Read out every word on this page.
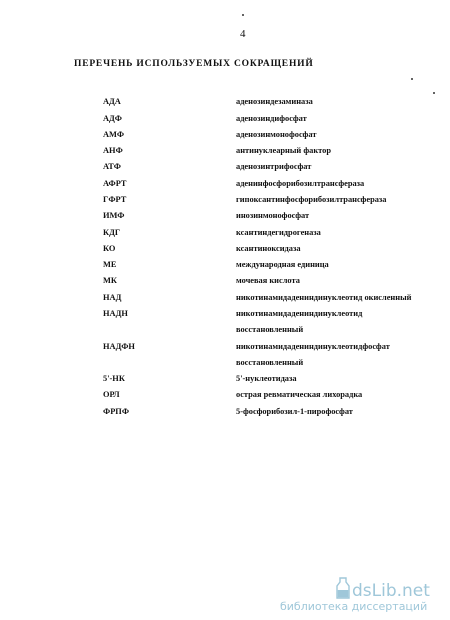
4
ПЕРЕЧЕНЬ ИСПОЛЬЗУЕМЫХ СОКРАЩЕНИЙ
АДА	аденозиндезаминаза
АДФ	аденозиндифосфат
АМФ	аденозинмонофосфат
АНФ	антинуклеарный фактор
АТФ	аденозинтрифосфат
АФРТ	аденинфосфорибозилтрансфераза
ГФРТ	гипоксантинфосфорибозилтрансфераза
ИМФ	инозинмонофосфат
КДГ	ксантиндегидрогеназа
КО	ксантиноксидаза
МЕ	международная единица
МК	мочевая кислота
НАД	никотинамидадениндинуклеотид окисленный
НАДН	никотинамидадениндинуклеотид
восстановленный
НАДФН	никотинамидадениндинуклеотидфосфат
восстановленный
5'-НК	5'-нуклеотидаза
ОРЛ	острая ревматическая лихорадка
ФРПФ	5-фосфорибозил-1-пирофосфат
dsLib.net
библиотека диссертаций
